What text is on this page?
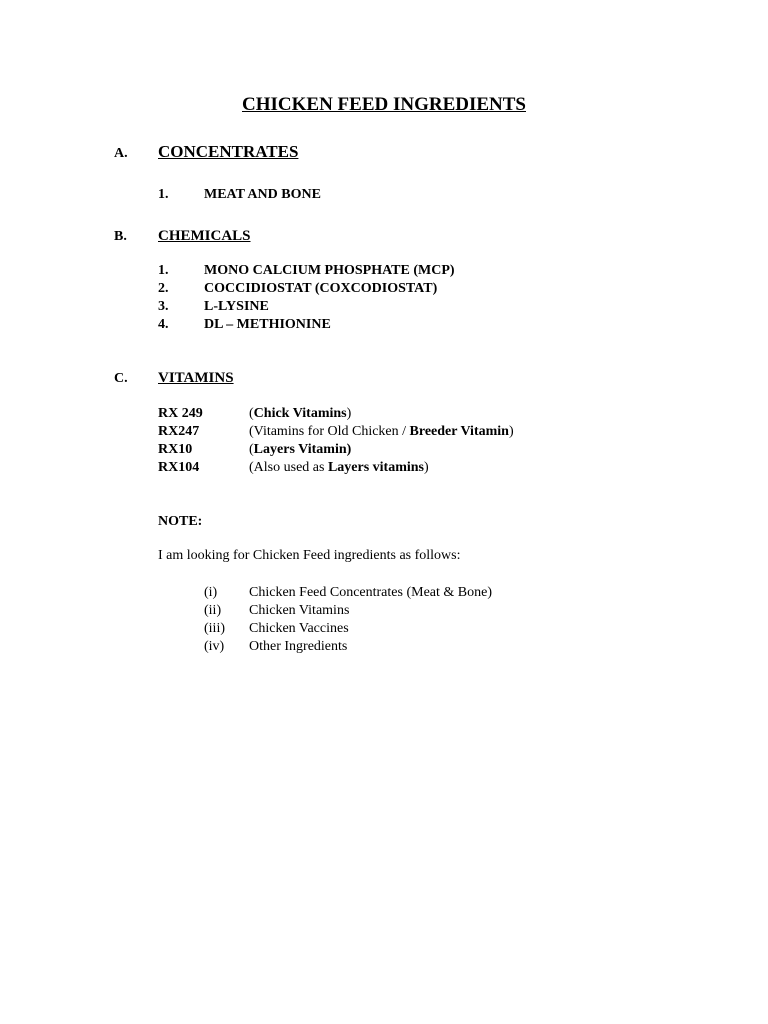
CHICKEN FEED INGREDIENTS
A. CONCENTRATES
1.	MEAT AND BONE
B. CHEMICALS
1.	MONO CALCIUM PHOSPHATE (MCP)
2.	COCCIDIOSTAT (COXCODIOSTAT)
3.	L-LYSINE
4.	DL – METHIONINE
C. VITAMINS
RX 249	(Chick Vitamins)
RX247	(Vitamins for Old Chicken / Breeder Vitamin)
RX10	(Layers Vitamin)
RX104	(Also used as Layers vitamins)
NOTE:
I am looking for Chicken Feed ingredients as follows:
(i) Chicken Feed Concentrates (Meat & Bone)
(ii) Chicken Vitamins
(iii) Chicken Vaccines
(iv) Other Ingredients
